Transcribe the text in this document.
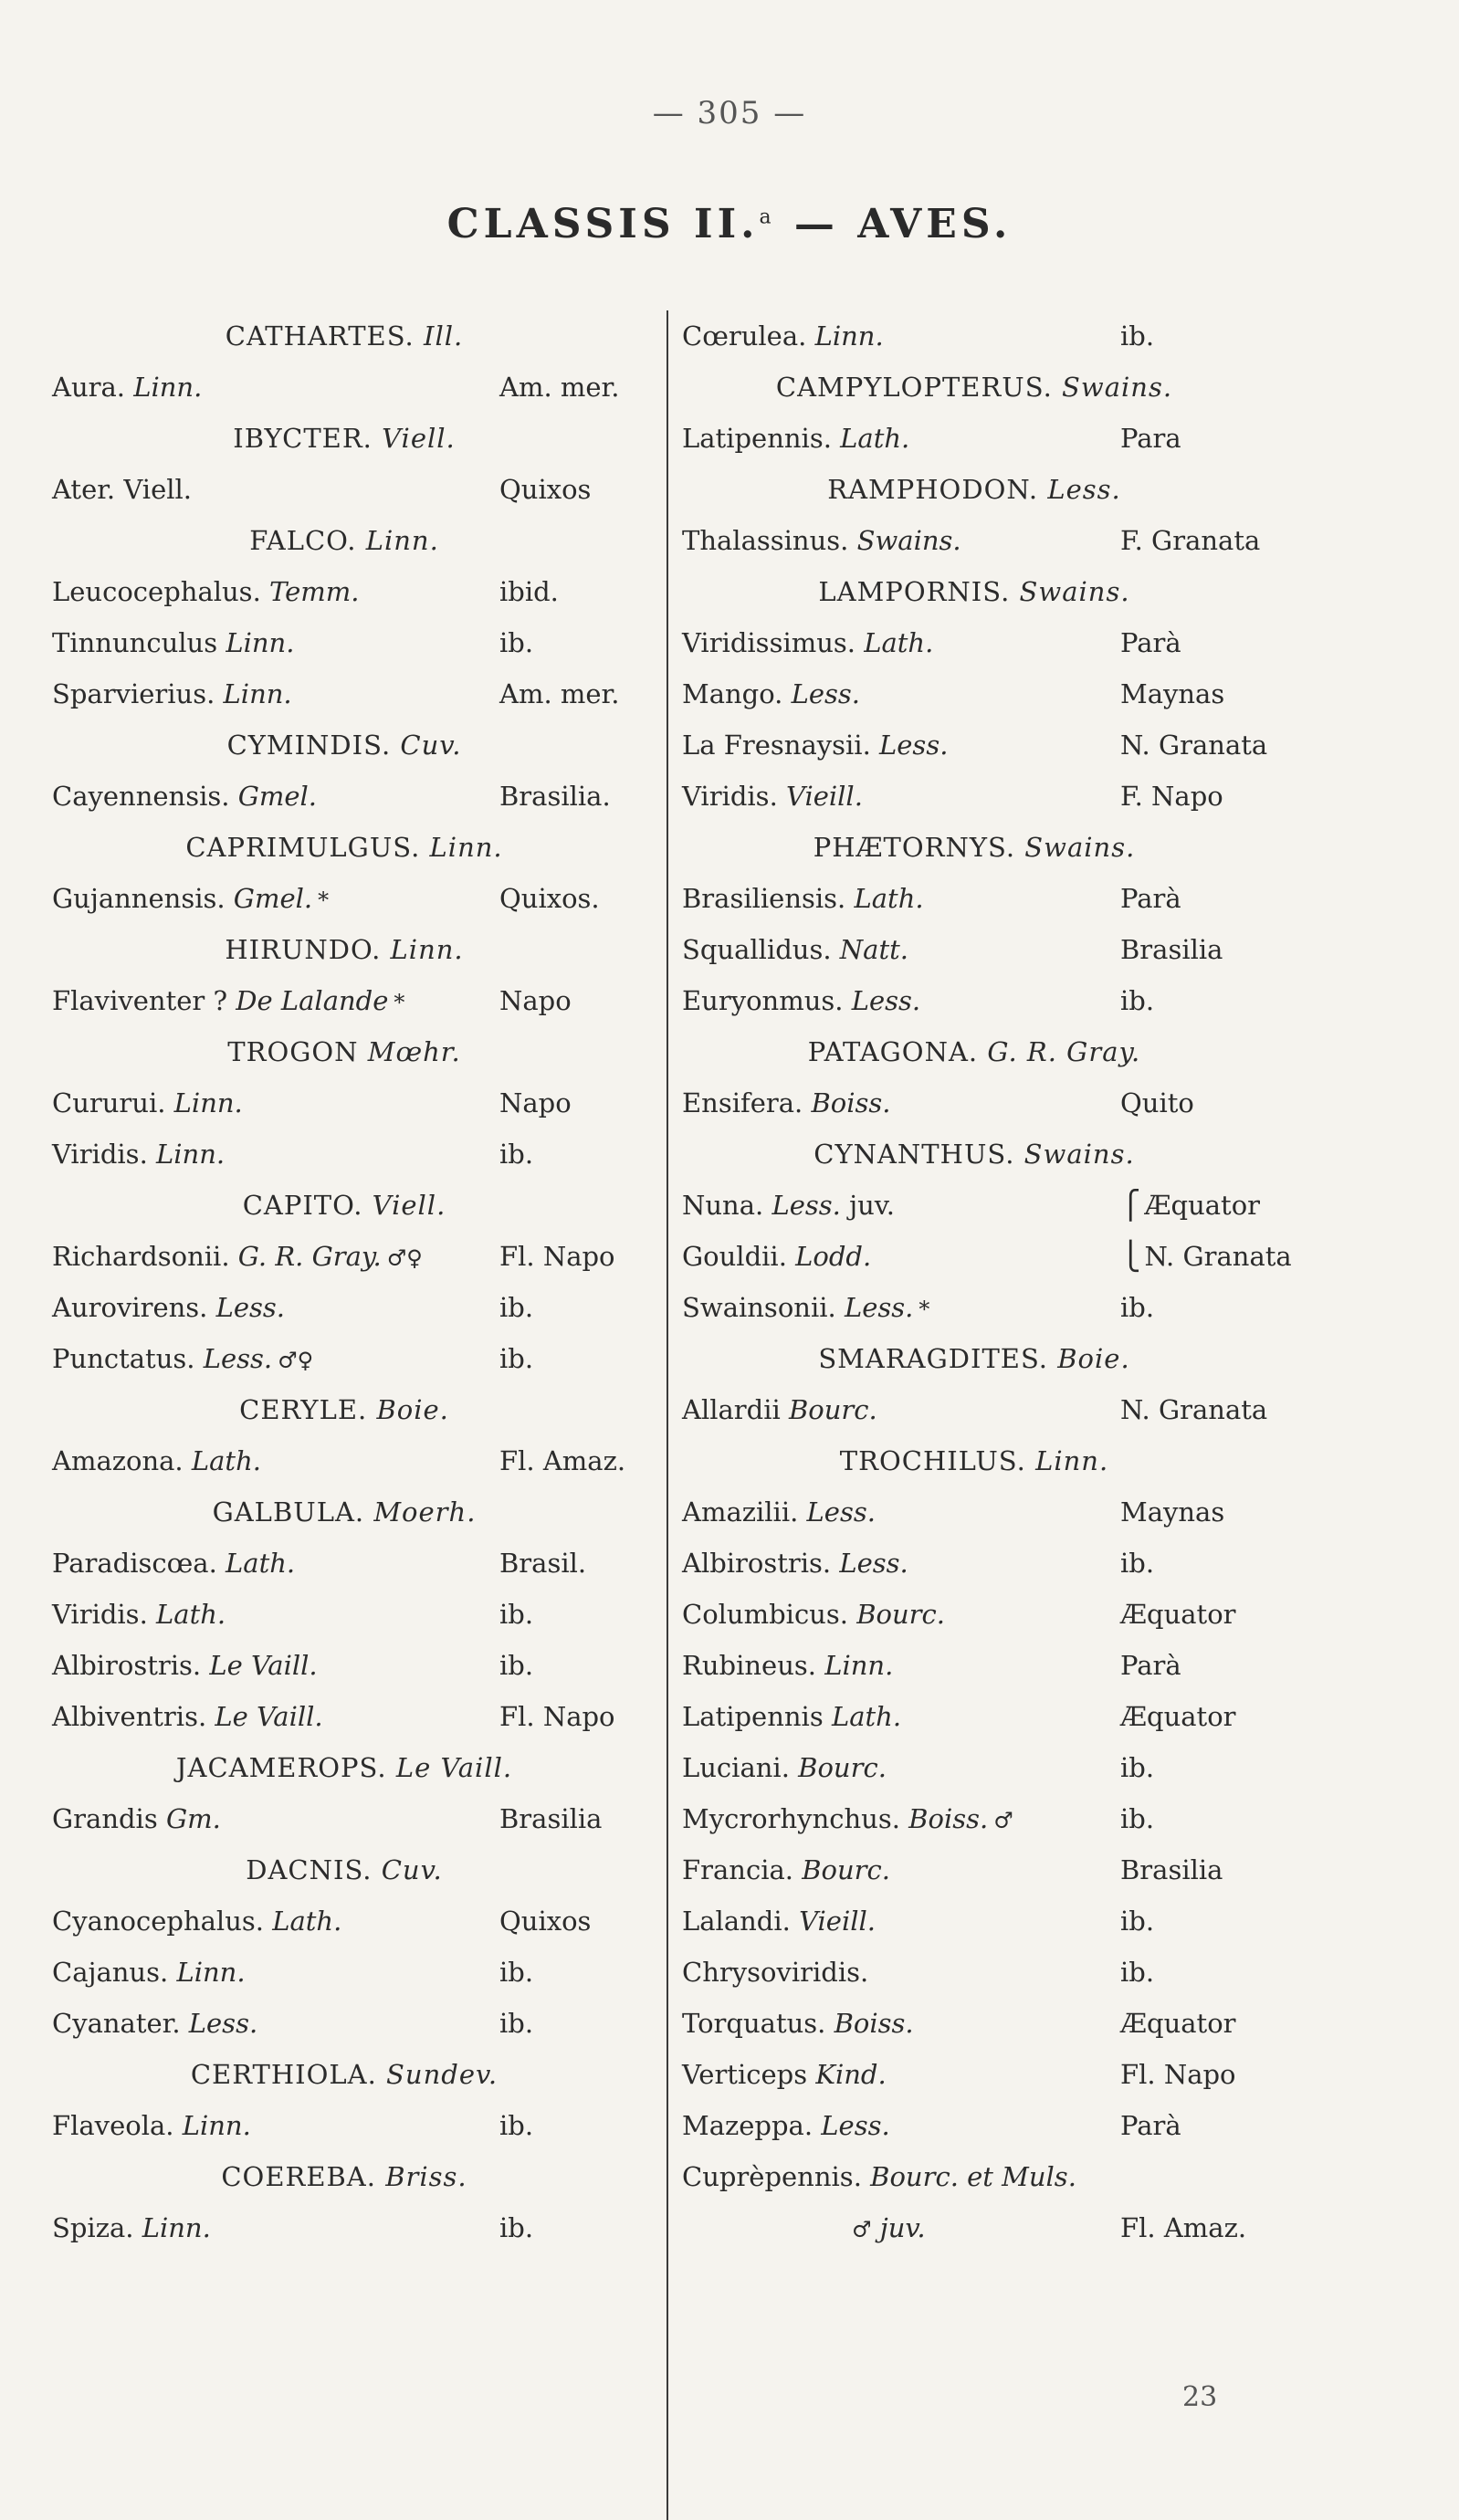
— 305 —
CLASSIS II.$^a$ — AVES.
CATHARTES. Ill.
Aura. Linn.	Am. mer.
IBYCTER. Viell.
Ater. Viell.	Quixos
FALCO. Linn.
Leucocephalus. Temm.	ibid.
Tinnunculus Linn.	ib.
Sparvierius. Linn.	Am. mer.
CYMINDIS. Cuv.
Cayennensis. Gmel.	Brasilia.
CAPRIMULGUS. Linn.
Gujannensis. Gmel. *	Quixos.
HIRUNDO. Linn.
Flaviventer ? De Lalande *	Napo
TROGON Mœhr.
Cururui. Linn.	Napo
Viridis. Linn.	ib.
CAPITO. Viell.
Richardsonii. G. R. Gray. ♂♀	Fl. Napo
Aurovirens. Less.	ib.
Punctatus. Less. ♂♀	ib.
CERYLE. Boie.
Amazona. Lath.	Fl. Amaz.
GALBULA. Moerh.
Paradiscœa. Lath.	Brasil.
Viridis. Lath.	ib.
Albirostris. Le Vaill.	ib.
Albiventris. Le Vaill.	Fl. Napo
JACAMEROPS. Le Vaill.
Grandis Gm.	Brasilia
DACNIS. Cuv.
Cyanocephalus. Lath.	Quixos
Cajanus. Linn.	ib.
Cyanater. Less.	ib.
CERTHIOLA. Sundev.
Flaveola. Linn.	ib.
COEREBA. Briss.
Spiza. Linn.	ib.
Cœrulea. Linn.	ib.
CAMPYLOPTERUS. Swains.
Latipennis. Lath.	Para
RAMPHODON. Less.
Thalassinus. Swains.	F. Granata
LAMPORNIS. Swains.
Viridissimus. Lath.	Parà
Mango. Less.	Maynas
La Fresnaysii. Less.	N. Granata
Viridis. Vieill.	F. Napo
PHÆTORNYS. Swains.
Brasiliensis. Lath.	Parà
Squallidus. Natt.	Brasilia
Euryonmus. Less.	ib.
PATAGONA. G. R. Gray.
Ensifera. Boiss.	Quito
CYNANTHUS. Swains.
Nuna. Less. juv.	⎧ Æquator
Gouldii. Lodd.	⎩ N. Granata
Swainsonii. Less. *	ib.
SMARAGDITES. Boie.
Allardii Bourc.	N. Granata
TROCHILUS. Linn.
Amazilii. Less.	Maynas
Albirostris. Less.	ib.
Columbicus. Bourc.	Æquator
Rubineus. Linn.	Parà
Latipennis Lath.	Æquator
Luciani. Bourc.	ib.
Mycrorhynchus. Boiss. ♂	ib.
Francia. Bourc.	Brasilia
Lalandi. Vieill.	ib.
Chrysoviridis.	ib.
Torquatus. Boiss.	Æquator
Verticeps Kind.	Fl. Napo
Mazeppa. Less.	Parà
Cuprèpennis. Bourc. et Muls.
♂ juv.	Fl. Amaz.
23
